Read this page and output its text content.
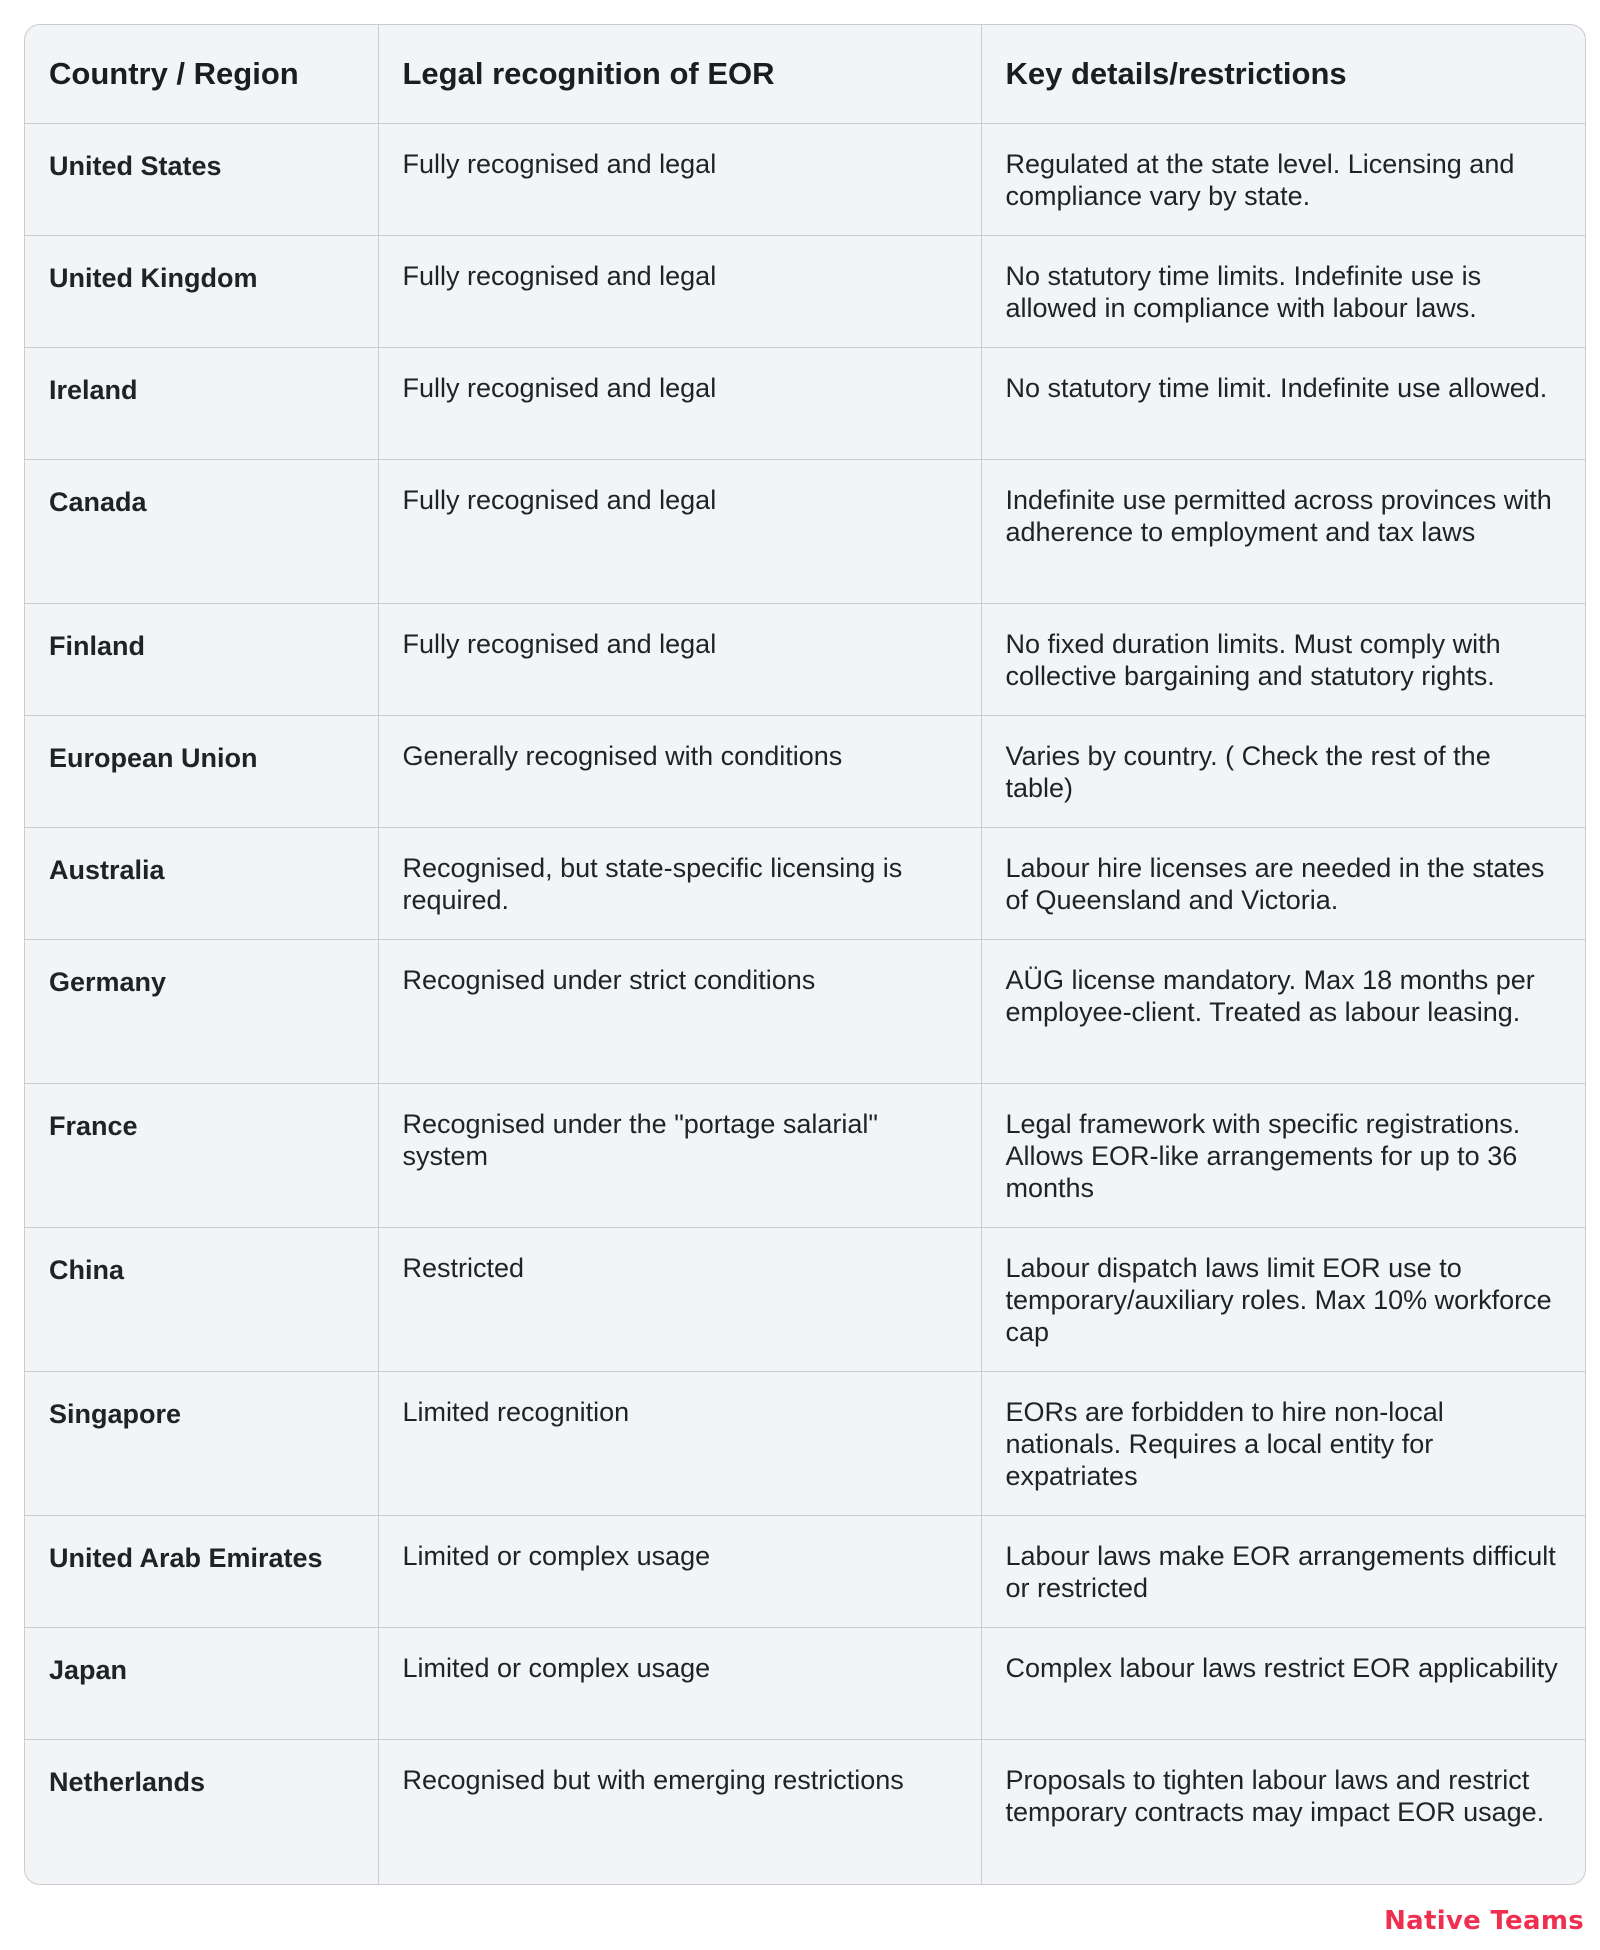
Country / Region	Legal recognition of EOR	Key details/restrictions
United States	Fully recognised and legal	Regulated at the state level. Licensing and compliance vary by state.
United Kingdom	Fully recognised and legal	No statutory time limits. Indefinite use is allowed in compliance with labour laws.
Ireland	Fully recognised and legal	No statutory time limit. Indefinite use allowed.
Canada	Fully recognised and legal	Indefinite use permitted across provinces with adherence to employment and tax laws
Finland	Fully recognised and legal	No fixed duration limits. Must comply with collective bargaining and statutory rights.
European Union	Generally recognised with conditions	Varies by country. ( Check the rest of the table)
Australia	Recognised, but state-specific licensing is required.	Labour hire licenses are needed in the states of Queensland and Victoria.
Germany	Recognised under strict conditions	AÜG license mandatory. Max 18 months per employee-client. Treated as labour leasing.
France	Recognised under the "portage salarial" system	Legal framework with specific registrations. Allows EOR-like arrangements for up to 36 months
China	Restricted	Labour dispatch laws limit EOR use to temporary/auxiliary roles. Max 10% workforce cap
Singapore	Limited recognition	EORs are forbidden to hire non-local nationals. Requires a local entity for expatriates
United Arab Emirates	Limited or complex usage	Labour laws make EOR arrangements difficult or restricted
Japan	Limited or complex usage	Complex labour laws restrict EOR applicability
Netherlands	Recognised but with emerging restrictions	Proposals to tighten labour laws and restrict temporary contracts may impact EOR usage.
Native Teams
